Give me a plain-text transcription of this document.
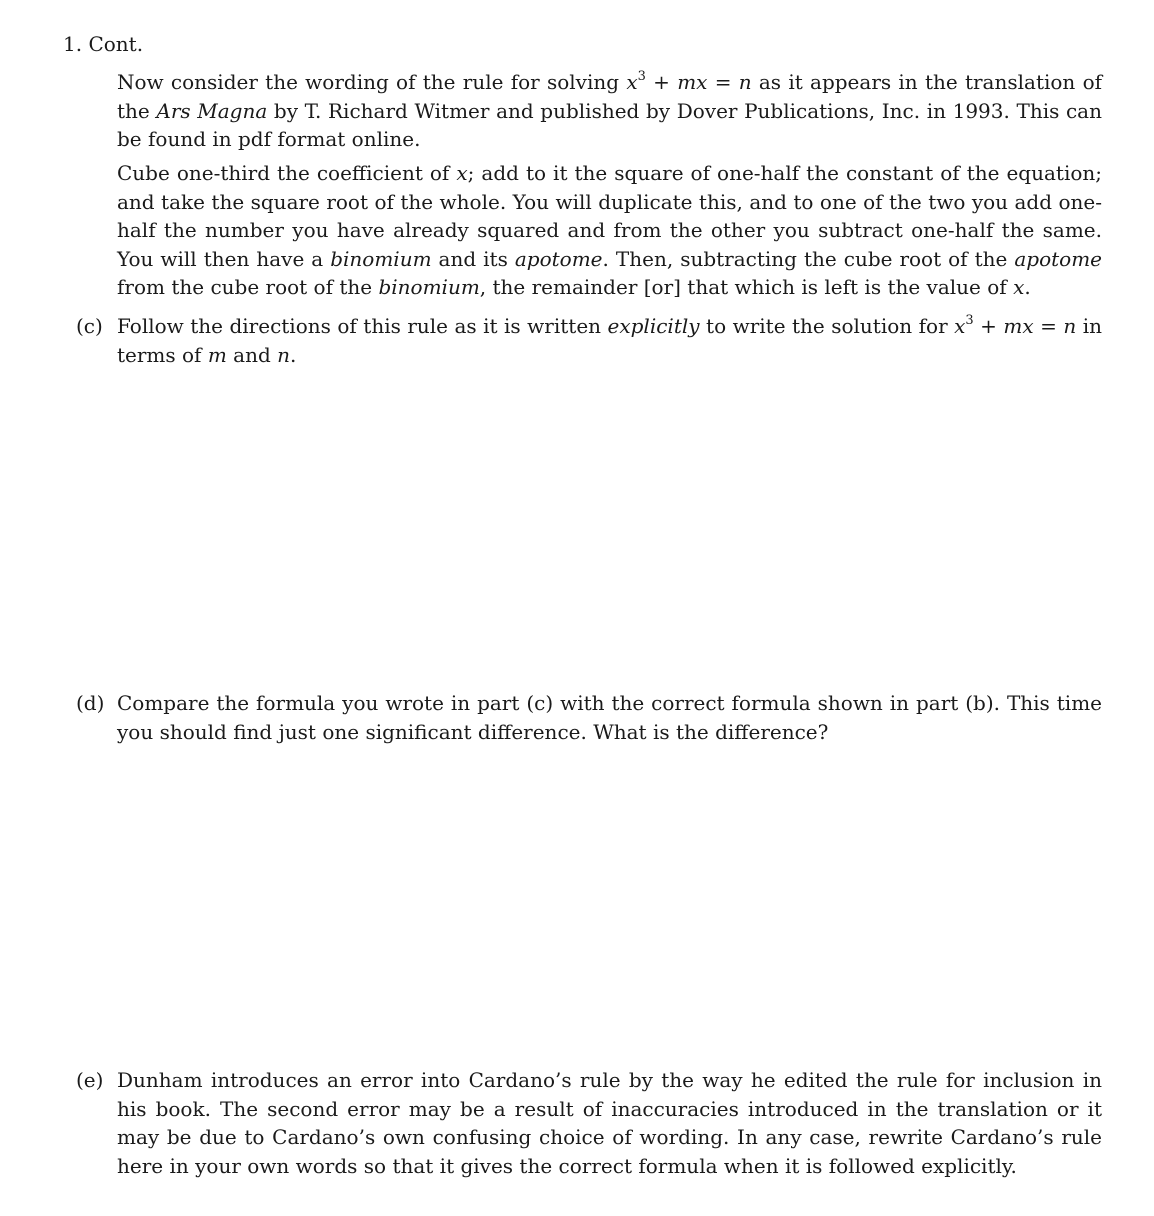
1. Cont.

Now consider the wording of the rule for solving $x^3$ + mx = n as it appears in the translation of the Ars Magna by T. Richard Witmer and published by Dover Publications, Inc. in 1993. This can be found in pdf format online.

Cube one-third the coefficient of x; add to it the square of one-half the constant of the equation; and take the square root of the whole. You will duplicate this, and to one of the two you add one-half the number you have already squared and from the other you subtract one-half the same. You will then have a binomium and its apotome. Then, subtracting the cube root of the apotome from the cube root of the binomium, the remainder [or] that which is left is the value of x.

(c) Follow the directions of this rule as it is written explicitly to write the solution for $x^3$ + mx = n in terms of m and n.

(d) Compare the formula you wrote in part (c) with the correct formula shown in part (b). This time you should find just one significant difference. What is the difference?

(e) Dunham introduces an error into Cardano’s rule by the way he edited the rule for inclusion in his book. The second error may be a result of inaccuracies introduced in the translation or it may be due to Cardano’s own confusing choice of wording. In any case, rewrite Cardano’s rule here in your own words so that it gives the correct formula when it is followed explicitly.
